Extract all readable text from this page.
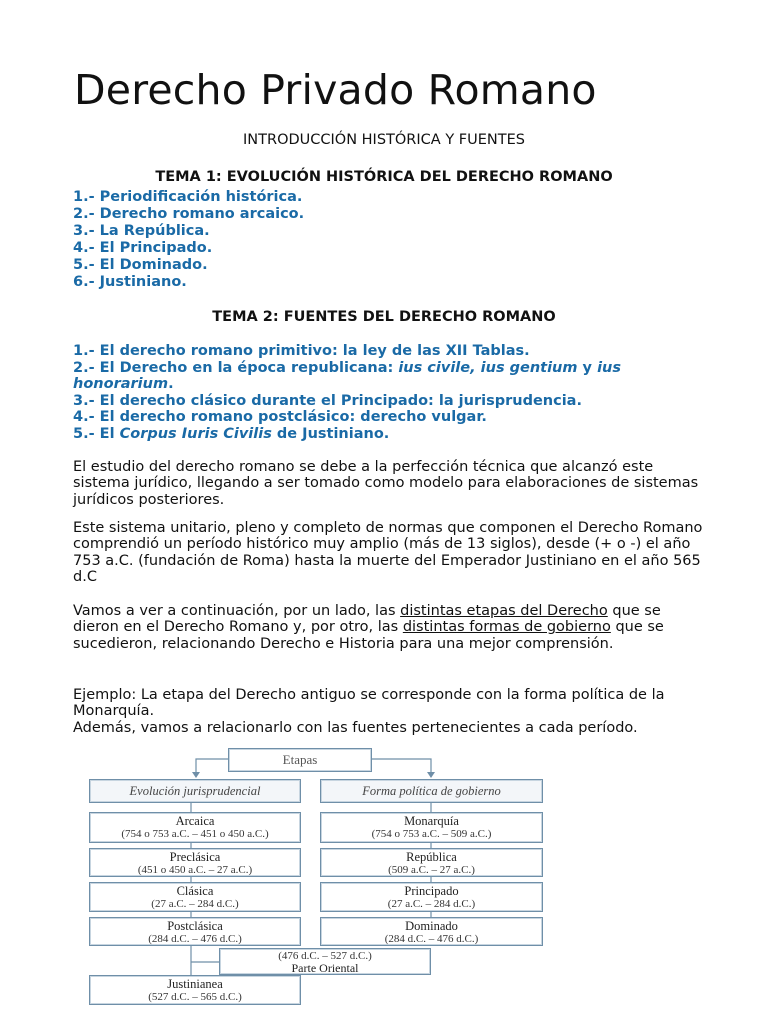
Derecho Privado Romano
INTRODUCCIÓN HISTÓRICA Y FUENTES
TEMA 1: EVOLUCIÓN HISTÓRICA DEL DERECHO ROMANO
1.- Periodificación histórica.
2.- Derecho romano arcaico.
3.- La República.
4.- El Principado.
5.- El Dominado.
6.- Justiniano.
TEMA 2: FUENTES DEL DERECHO ROMANO
1.- El derecho romano primitivo: la ley de las XII Tablas.
2.- El Derecho en la época republicana: ius civile, ius gentium y ius honorarium.
3.- El derecho clásico durante el Principado: la jurisprudencia.
4.- El derecho romano postclásico: derecho vulgar.
5.- El Corpus Iuris Civilis de Justiniano.

El estudio del derecho romano se debe a la perfección técnica que alcanzó este sistema jurídico, llegando a ser tomado como modelo para elaboraciones de sistemas jurídicos posteriores.

Este sistema unitario, pleno y completo de normas que componen el Derecho Romano comprendió un período histórico muy amplio (más de 13 siglos), desde (+ o -) el año 753 a.C. (fundación de Roma) hasta la muerte del Emperador Justiniano en el año 565 d.C

Vamos a ver a continuación, por un lado, las distintas etapas del Derecho que se dieron en el Derecho Romano y, por otro, las distintas formas de gobierno que se sucedieron, relacionando Derecho e Historia para una mejor comprensión.

Ejemplo: La etapa del Derecho antiguo se corresponde con la forma política de la Monarquía.
Además, vamos a relacionarlo con las fuentes pertenecientes a cada período.

Etapas
Evolución jurisprudencial	Forma política de gobierno
Arcaica
(754 o 753 a.C. – 451 o 450 a.C.)
Preclásica
(451 o 450 a.C. – 27 a.C.)
Clásica
(27 a.C. – 284 d.C.)
Postclásica
(284 d.C. – 476 d.C.)
Monarquía
(754 o 753 a.C. – 509 a.C.)
República
(509 a.C. – 27 a.C.)
Principado
(27 a.C. – 284 d.C.)
Dominado
(284 d.C. – 476 d.C.)
(476 d.C. – 527 d.C.)
Parte Oriental
Justinianea
(527 d.C. – 565 d.C.)
